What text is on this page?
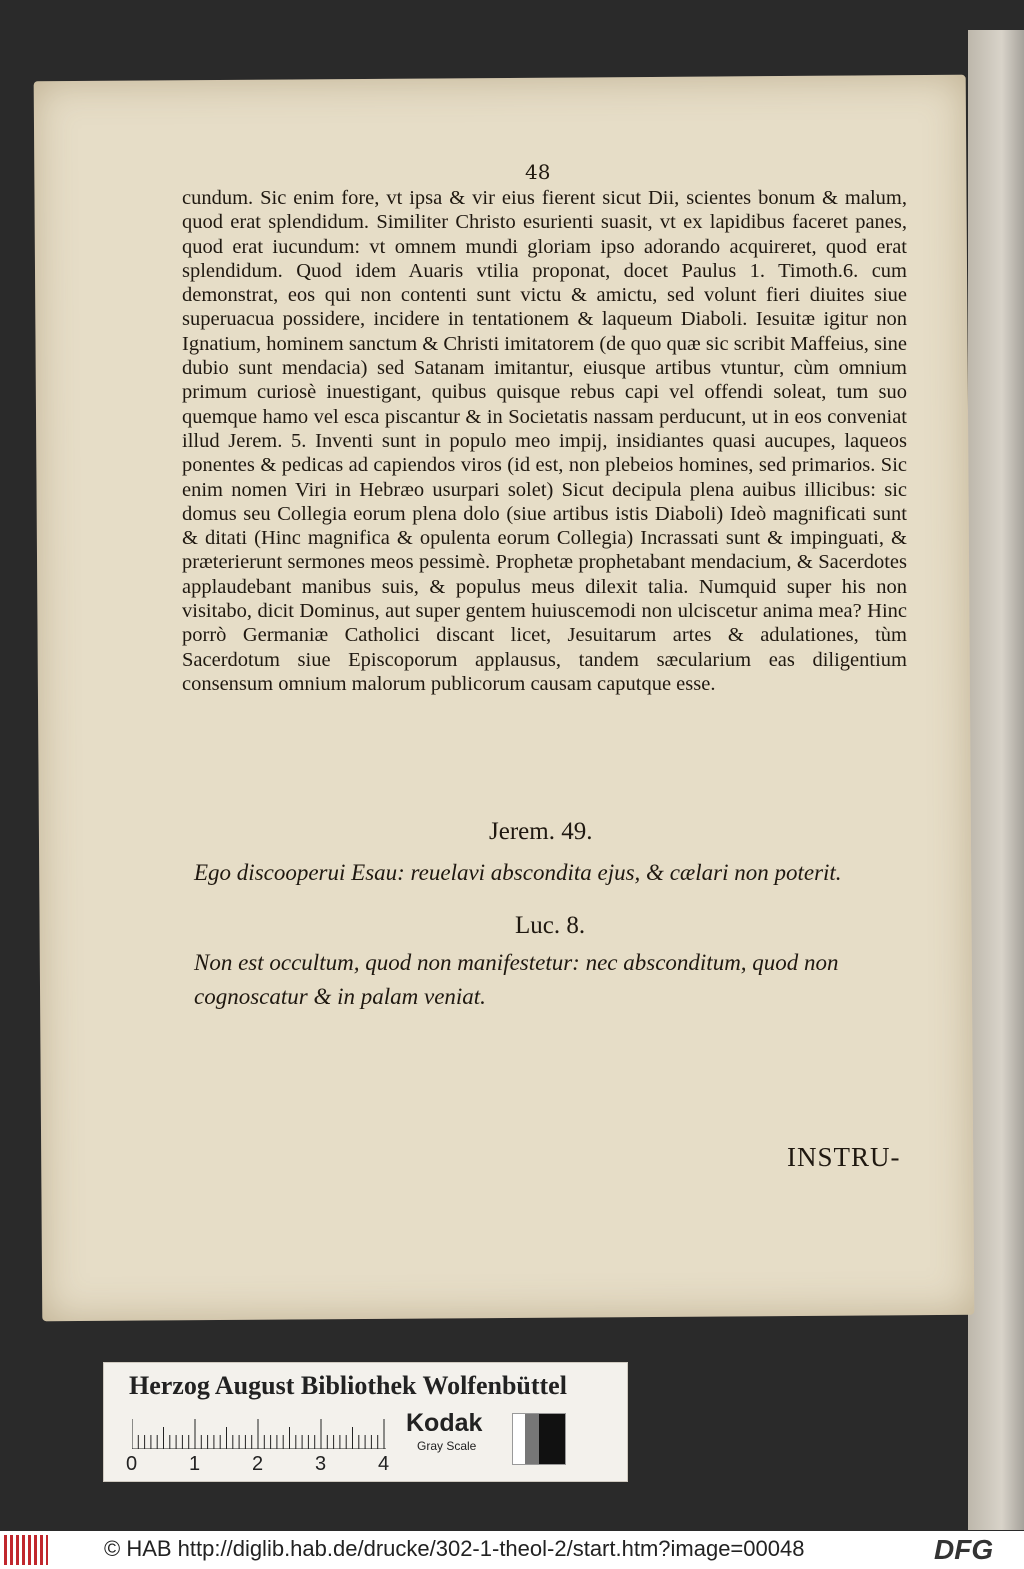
48

cundum. Sic enim fore, vt ipsa & vir eius fierent sicut Dii, scientes bonum & malum, quod erat splendidum. Similiter Christo esurienti suasit, vt ex lapidibus faceret panes, quod erat iucundum: vt omnem mundi gloriam ipso adorando acquireret, quod erat splendidum. Quod idem Auaris vtilia proponat, docet Paulus 1. Timoth.6. cum demonstrat, eos qui non contenti sunt victu & amictu, sed volunt fieri diuites siue superuacua possidere, incidere in tentationem & laqueum Diaboli. Iesuitæ igitur non Ignatium, hominem sanctum & Christi imitatorem (de quo quæ sic scribit Maffeius, sine dubio sunt mendacia) sed Satanam imitantur, eiusque artibus vtuntur, cùm omnium primum curiosè inuestigant, quibus quisque rebus capi vel offendi soleat, tum suo quemque hamo vel esca piscantur & in Societatis nassam perducunt, ut in eos conveniat illud Jerem. 5. Inventi sunt in populo meo impij, insidiantes quasi aucupes, laqueos ponentes & pedicas ad capiendos viros (id est, non plebeios homines, sed primarios. Sic enim nomen Viri in Hebræo usurpari solet) Sicut decipula plena auibus illicibus: sic domus seu Collegia eorum plena dolo (siue artibus istis Diaboli) Ideò magnificati sunt & ditati (Hinc magnifica & opulenta eorum Collegia) Incrassati sunt & impinguati, & præterierunt sermones meos pessimè. Prophetæ prophetabant mendacium, & Sacerdotes applaudebant manibus suis, & populus meus dilexit talia. Numquid super his non visitabo, dicit Dominus, aut super gentem huiuscemodi non ulciscetur anima mea? Hinc porrò Germaniæ Catholici discant licet, Jesuitarum artes & adulationes, tùm Sacerdotum siue Episcoporum applausus, tandem sæcularium eas diligentium consensum omnium malorum publicorum causam caputque esse.

Jerem. 49.
Ego discooperui Esau: reuelavi abscondita ejus, & cælari non poterit.
Luc. 8.
Non est occultum, quod non manifestetur: nec absconditum, quod non cognoscatur & in palam veniat.
INSTRU-
Herzog August Bibliothek Wolfenbüttel
0	1	2	3	4
Kodak
Gray Scale
© HAB http://diglib.hab.de/drucke/302-1-theol-2/start.htm?image=00048	DFG
